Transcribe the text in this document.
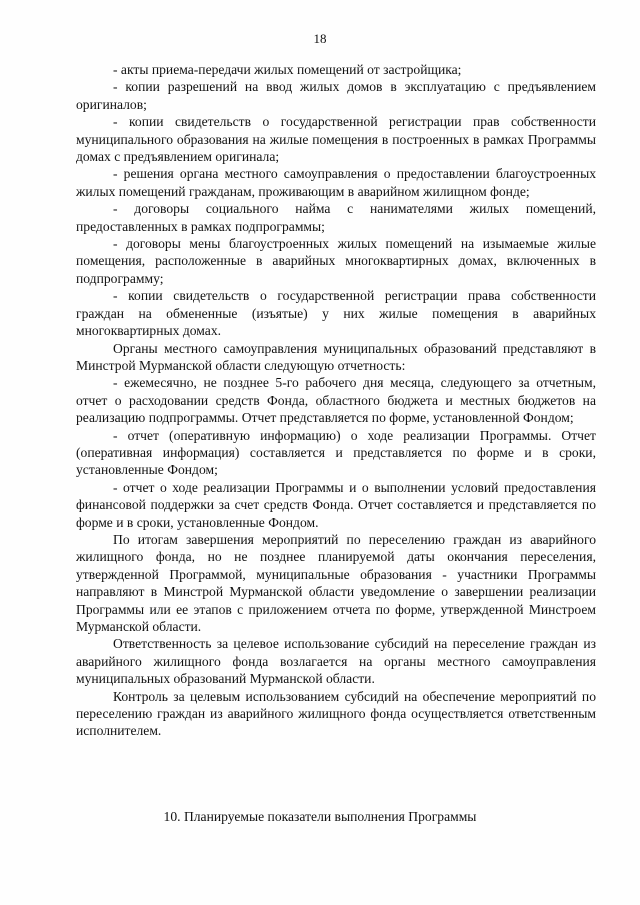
18

- акты приема-передачи жилых помещений от застройщика;

- копии разрешений на ввод жилых домов в эксплуатацию с предъявлением оригиналов;

- копии свидетельств о государственной регистрации прав собственности муниципального образования на жилые помещения в построенных в рамках Программы домах с предъявлением оригинала;

- решения органа местного самоуправления о предоставлении благоустроенных жилых помещений гражданам, проживающим в аварийном жилищном фонде;

- договоры социального найма с нанимателями жилых помещений, предоставленных в рамках подпрограммы;

- договоры мены благоустроенных жилых помещений на изымаемые жилые помещения, расположенные в аварийных многоквартирных домах, включенных в подпрограмму;

- копии свидетельств о государственной регистрации права собственности граждан на обмененные (изъятые) у них жилые помещения в аварийных многоквартирных домах.

Органы местного самоуправления муниципальных образований представляют в Минстрой Мурманской области следующую отчетность:

- ежемесячно, не позднее 5-го рабочего дня месяца, следующего за отчетным, отчет о расходовании средств Фонда, областного бюджета и местных бюджетов на реализацию подпрограммы. Отчет представляется по форме, установленной Фондом;

- отчет (оперативную информацию) о ходе реализации Программы. Отчет (оперативная информация) составляется и представляется по форме и в сроки, установленные Фондом;

- отчет о ходе реализации Программы и о выполнении условий предоставления финансовой поддержки за счет средств Фонда. Отчет составляется и представляется по форме и в сроки, установленные Фондом.

По итогам завершения мероприятий по переселению граждан из аварийного жилищного фонда, но не позднее планируемой даты окончания переселения, утвержденной Программой, муниципальные образования - участники Программы направляют в Минстрой Мурманской области уведомление о завершении реализации Программы или ее этапов с приложением отчета по форме, утвержденной Минстроем Мурманской области.

Ответственность за целевое использование субсидий на переселение граждан из аварийного жилищного фонда возлагается на органы местного самоуправления муниципальных образований Мурманской области.

Контроль за целевым использованием субсидий на обеспечение мероприятий по переселению граждан из аварийного жилищного фонда осуществляется ответственным исполнителем.

10. Планируемые показатели выполнения Программы
